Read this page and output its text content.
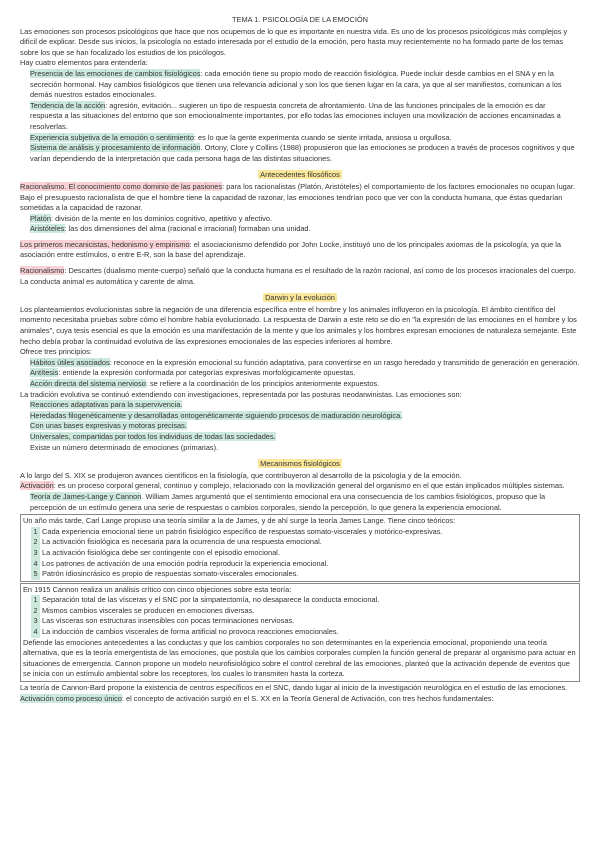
TEMA 1. PSICOLOGÍA DE LA EMOCIÓN

Las emociones son procesos psicológicos que hace que nos ocupemos de lo que es importante en nuestra vida. Es uno de los procesos psicológicos más complejos y difícil de explicar. Desde sus inicios, la psicología no estado interesada por el estudio de la emoción, pero hasta muy recientemente no ha formado parte de los temas sobre los que se han focalizado los estudios de los psicólogos.

Hay cuatro elementos para entenderla:

Presencia de las emociones de cambios fisiológicos: cada emoción tiene su propio modo de reacción fisiológica. Puede incluir desde cambios en el SNA y en la secreción hormonal. Hay cambios fisiológicos que tienen una relevancia adicional y son los que tienen lugar en la cara, ya que al ser manifiestos, comunican a los demás nuestros estados emocionales.

Tendencia de la acción: agresión, evitación... sugieren un tipo de respuesta concreta de afrontamiento. Una de las funciones principales de la emoción es dar respuesta a las situaciones del entorno que son emocionalmente importantes, por ello todas las emociones incluyen una movilización de acciones encaminadas a resolverlas.

Experiencia subjetiva de la emoción o sentimiento: es lo que la gente experimenta cuando se siente irritada, ansiosa u orgullosa.

Sistema de análisis y procesamiento de información. Ortony, Clore y Collins (1988) propusieron que las emociones se producen a través de procesos cognitivos y que varían dependiendo de la interpretación que cada persona haga de las distintas situaciones.

Antecedentes filosóficos

Racionalismo. El conocimiento como dominio de las pasiones: para los racionalistas (Platón, Aristóteles) el comportamiento de los factores emocionales no ocupan lugar. Bajo el presupuesto racionalista de que el hombre tiene la capacidad de razonar, las emociones tendrían poco que ver con la conducta humana, que éstas quedarían sometidas a la capacidad de razonar.

Platón: división de la mente en los dominios cognitivo, apetitivo y afectivo.

Aristóteles: las dos dimensiones del alma (racional e irracional) formaban una unidad.

Los primeros mecanicistas, hedonismo y empirismo: el asociacionismo defendido por John Locke, instituyó uno de los principales axiomas de la psicología, ya que la asociación entre estímulos, o entre E-R, son la base del aprendizaje.

Racionalismo: Descartes (dualismo mente-cuerpo) señaló que la conducta humana es el resultado de la razón racional, así como de los procesos irracionales del cuerpo. La conducta animal es automática y carente de alma.

Darwin y la evolución

Los planteamientos evolucionistas sobre la negación de una diferencia específica entre el hombre y los animales influyeron en la psicología. El ámbito científico del momento necesitaba pruebas sobre cómo el hombre había evolucionado. La respuesta de Darwin a este reto se dio en "la expresión de las emociones en el hombre y los animales", cuya tesis esencial es que la emoción es una manifestación de la mente y que los animales y los hombres expresan emociones de naturaleza semejante. Este hecho debía probar la continuidad evolutiva de las expresiones emocionales de las especies inferiores al hombre.

Ofrece tres principios:

Hábitos útiles asociados: reconoce en la expresión emocional su función adaptativa, para convertirse en un rasgo heredado y transmitido de generación en generación.

Antítesis: entiende la expresión conformada por categorías expresivas morfológicamente opuestas.

Acción directa del sistema nervioso: se refiere a la coordinación de los principios anteriormente expuestos.

La tradición evolutiva se continuó extendiendo con investigaciones, representada por las posturas neodarwinistas. Las emociones son:

Reacciones adaptativas para la supervivencia.

Heredadas filogenéticamente y desarrolladas ontogenéticamente siguiendo procesos de maduración neurológica.

Con unas bases expresivas y motoras precisas.

Universales, compartidas por todos los individuos de todas las sociedades.

Existe un número determinado de emociones (primarias).

Mecanismos fisiológicos

A lo largo del S. XIX se produjeron avances científicos en la fisiología, que contribuyeron al desarrollo de la psicología y de la emoción.

Activación: es un proceso corporal general, continuo y complejo, relacionado con la movilización general del organismo en el que están implicados múltiples sistemas.

Teoría de James-Lange y Cannon. William James argumentó que el sentimiento emocional era una consecuencia de los cambios fisiológicos, propuso que la percepción de un estímulo genera una serie de respuestas o cambios corporales, siendo la percepción, lo que genera la experiencia emocional.

Un año más tarde, Carl Lange propuso una teoría similar a la de James, y de ahí surge la teoría James Lange. Tiene cinco teóricos:

1 Cada experiencia emocional tiene un patrón fisiológico específico de respuestas somato-viscerales y motórico-expresivas.

2 La activación fisiológica es necesaria para la ocurrencia de una respuesta emocional.

3 La activación fisiológica debe ser contingente con el episodio emocional.

4 Los patrones de activación de una emoción podría reproducir la experiencia emocional.

5 Patrón idiosincrásico es propio de respuestas somato-viscerales emocionales.

En 1915 Cannon realiza un análisis crítico con cinco objeciones sobre esta teoría:

1 Separación total de las vísceras y el SNC por la simpatectomía, no desaparece la conducta emocional.

2 Mismos cambios viscerales se producen en emociones diversas.

3 Las vísceras son estructuras insensibles con pocas terminaciones nerviosas.

4 La inducción de cambios viscerales de forma artificial no provoca reacciones emocionales.

Defiende las emociones antecedentes a las conductas y que los cambios corporales no son determinantes en la experiencia emocional, proponiendo una teoría alternativa, que es la teoría emergentista de las emociones, que postula que los cambios corporales cumplen la función general de preparar al organismo para actuar en situaciones de emergencia. Cannon propone un modelo neurofisiológico sobre el control cerebral de las emociones, planteó que la activación depende de eventos que se inicia con un estímulo ambiental sobre los receptores, los cuales lo transmiten hasta la corteza.

La teoría de Cannon-Bard propone la existencia de centros específicos en el SNC, dando lugar al inicio de la investigación neurológica en el estudio de las emociones.

Activación como proceso único: el concepto de activación surgió en el S. XX en la Teoría General de Activación, con tres hechos fundamentales:
